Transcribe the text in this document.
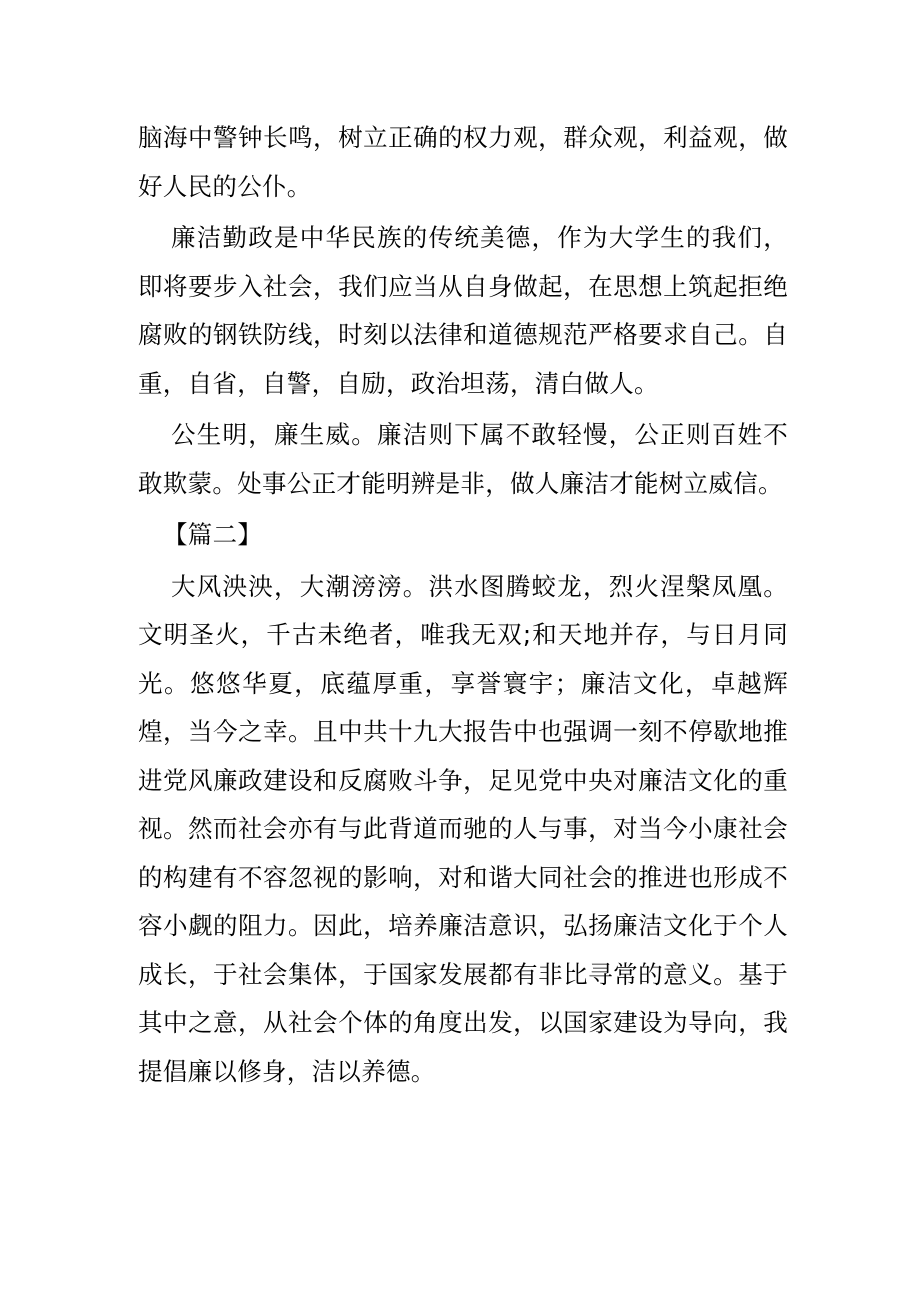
脑海中警钟长鸣，树立正确的权力观，群众观，利益观，做好人民的公仆。

廉洁勤政是中华民族的传统美德，作为大学生的我们，即将要步入社会，我们应当从自身做起，在思想上筑起拒绝腐败的钢铁防线，时刻以法律和道德规范严格要求自己。自重，自省，自警，自励，政治坦荡，清白做人。

公生明，廉生威。廉洁则下属不敢轻慢，公正则百姓不敢欺蒙。处事公正才能明辨是非，做人廉洁才能树立威信。

【篇二】

大风泱泱，大潮滂滂。洪水图腾蛟龙，烈火涅槃凤凰。文明圣火，千古未绝者，唯我无双;和天地并存，与日月同光。悠悠华夏，底蕴厚重，享誉寰宇；廉洁文化，卓越辉煌，当今之幸。且中共十九大报告中也强调一刻不停歇地推进党风廉政建设和反腐败斗争，足见党中央对廉洁文化的重视。然而社会亦有与此背道而驰的人与事，对当今小康社会的构建有不容忽视的影响，对和谐大同社会的推进也形成不容小觑的阻力。因此，培养廉洁意识，弘扬廉洁文化于个人成长，于社会集体，于国家发展都有非比寻常的意义。基于其中之意，从社会个体的角度出发，以国家建设为导向，我提倡廉以修身，洁以养德。
